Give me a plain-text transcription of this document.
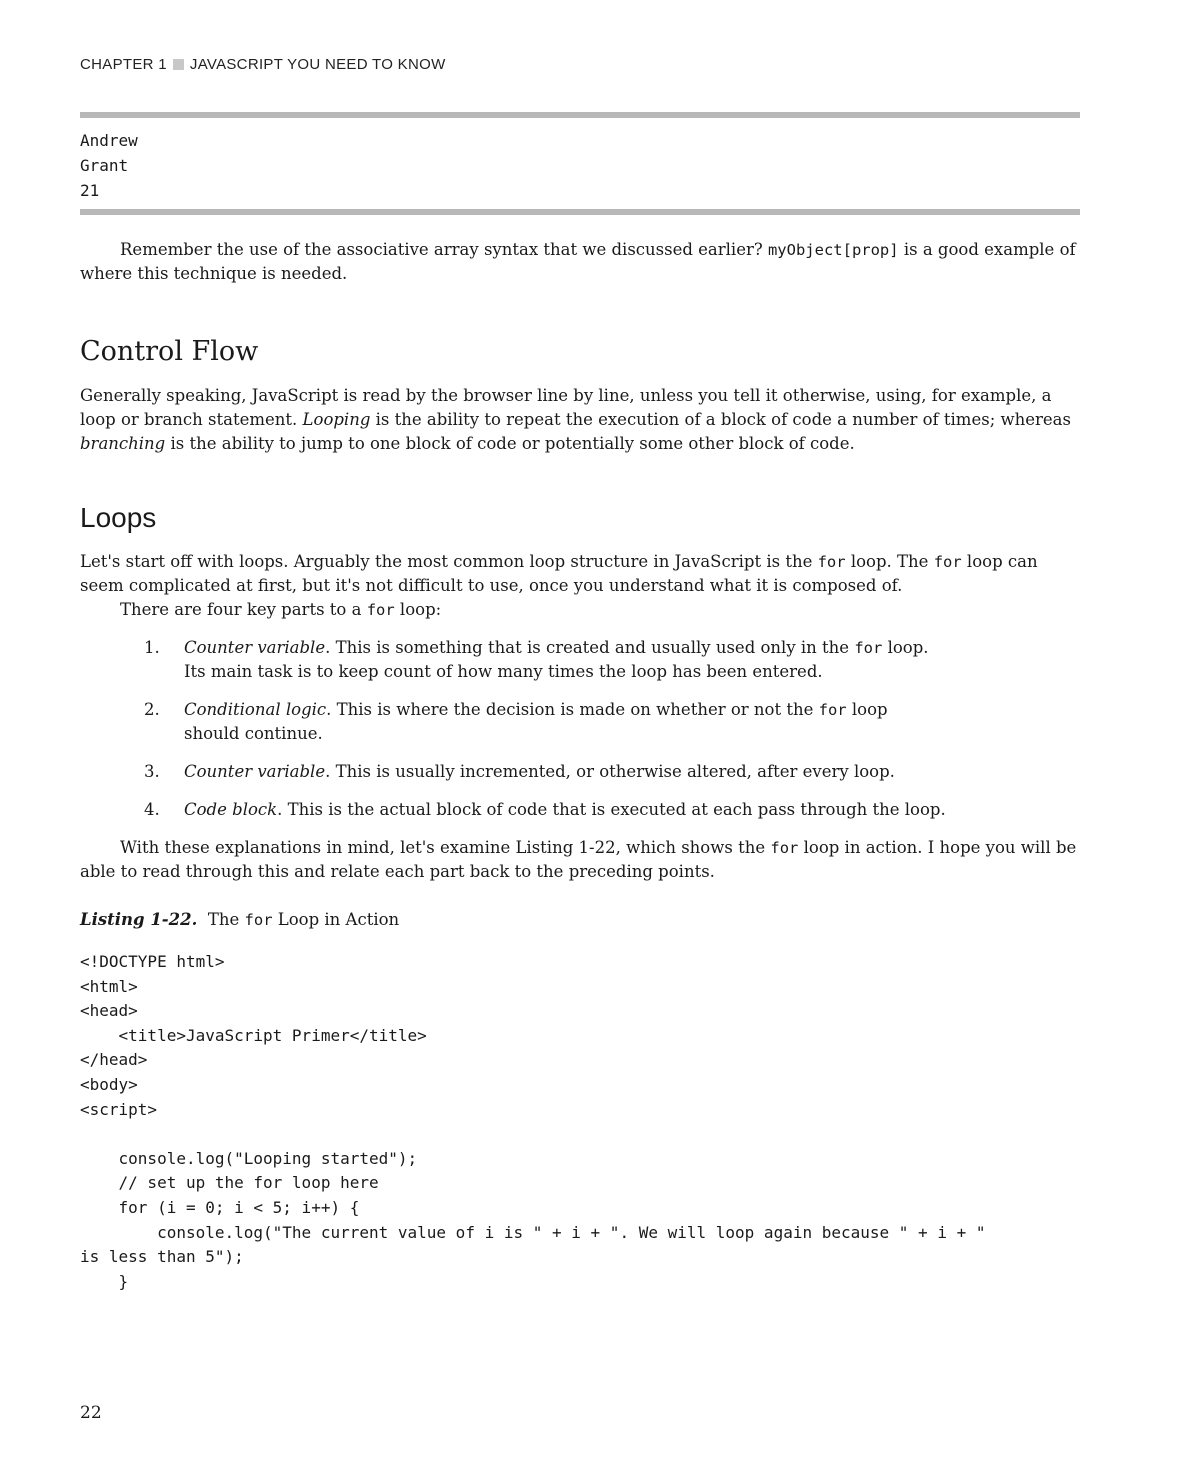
CHAPTER 1 JAVASCRIPT YOU NEED TO KNOW
Andrew
Grant
21
Remember the use of the associative array syntax that we discussed earlier? myObject[prop] is a good example of where this technique is needed.
Control Flow
Generally speaking, JavaScript is read by the browser line by line, unless you tell it otherwise, using, for example, a loop or branch statement. Looping is the ability to repeat the execution of a block of code a number of times; whereas branching is the ability to jump to one block of code or potentially some other block of code.
Loops
Let's start off with loops. Arguably the most common loop structure in JavaScript is the for loop. The for loop can seem complicated at first, but it's not difficult to use, once you understand what it is composed of.
There are four key parts to a for loop:
1. Counter variable. This is something that is created and usually used only in the for loop.
Its main task is to keep count of how many times the loop has been entered.
2. Conditional logic. This is where the decision is made on whether or not the for loop
should continue.
3. Counter variable. This is usually incremented, or otherwise altered, after every loop.
4. Code block. This is the actual block of code that is executed at each pass through the loop.
With these explanations in mind, let's examine Listing 1-22, which shows the for loop in action. I hope you will be able to read through this and relate each part back to the preceding points.
Listing 1-22. The for Loop in Action
<!DOCTYPE html>
<html>
<head>
<title>JavaScript Primer</title>
</head>
<body>
<script>

console.log("Looping started");
// set up the for loop here
for (i = 0; i < 5; i++) {
console.log("The current value of i is " + i + ". We will loop again because " + i + "
is less than 5");
}
22
